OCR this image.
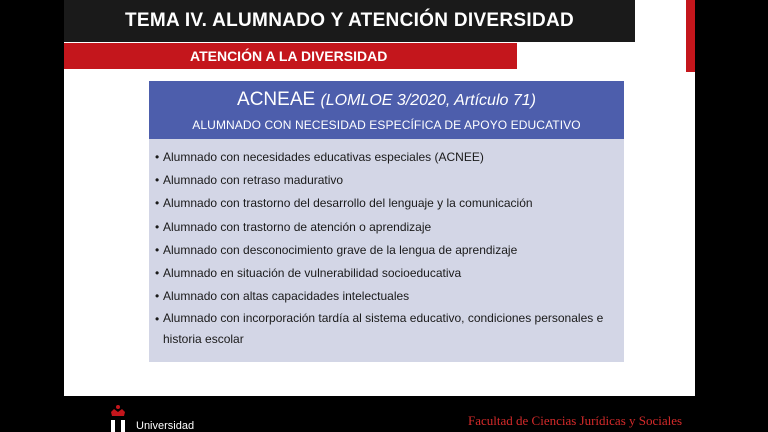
TEMA IV. ALUMNADO Y ATENCIÓN DIVERSIDAD
ATENCIÓN A LA DIVERSIDAD
ACNEAE (LOMLOE 3/2020, Artículo 71)
ALUMNADO CON NECESIDAD ESPECÍFICA DE APOYO EDUCATIVO
• Alumnado con necesidades educativas especiales (ACNEE)
• Alumnado con retraso madurativo
• Alumnado con trastorno del desarrollo del lenguaje y la comunicación
• Alumnado con trastorno de atención o aprendizaje
• Alumnado con desconocimiento grave de la lengua de aprendizaje
• Alumnado en situación de vulnerabilidad socioeducativa
• Alumnado con altas capacidades intelectuales
• Alumnado con incorporación tardía al sistema educativo, condiciones personales e historia escolar
Universidad	Facultad de Ciencias Jurídicas y Sociales
